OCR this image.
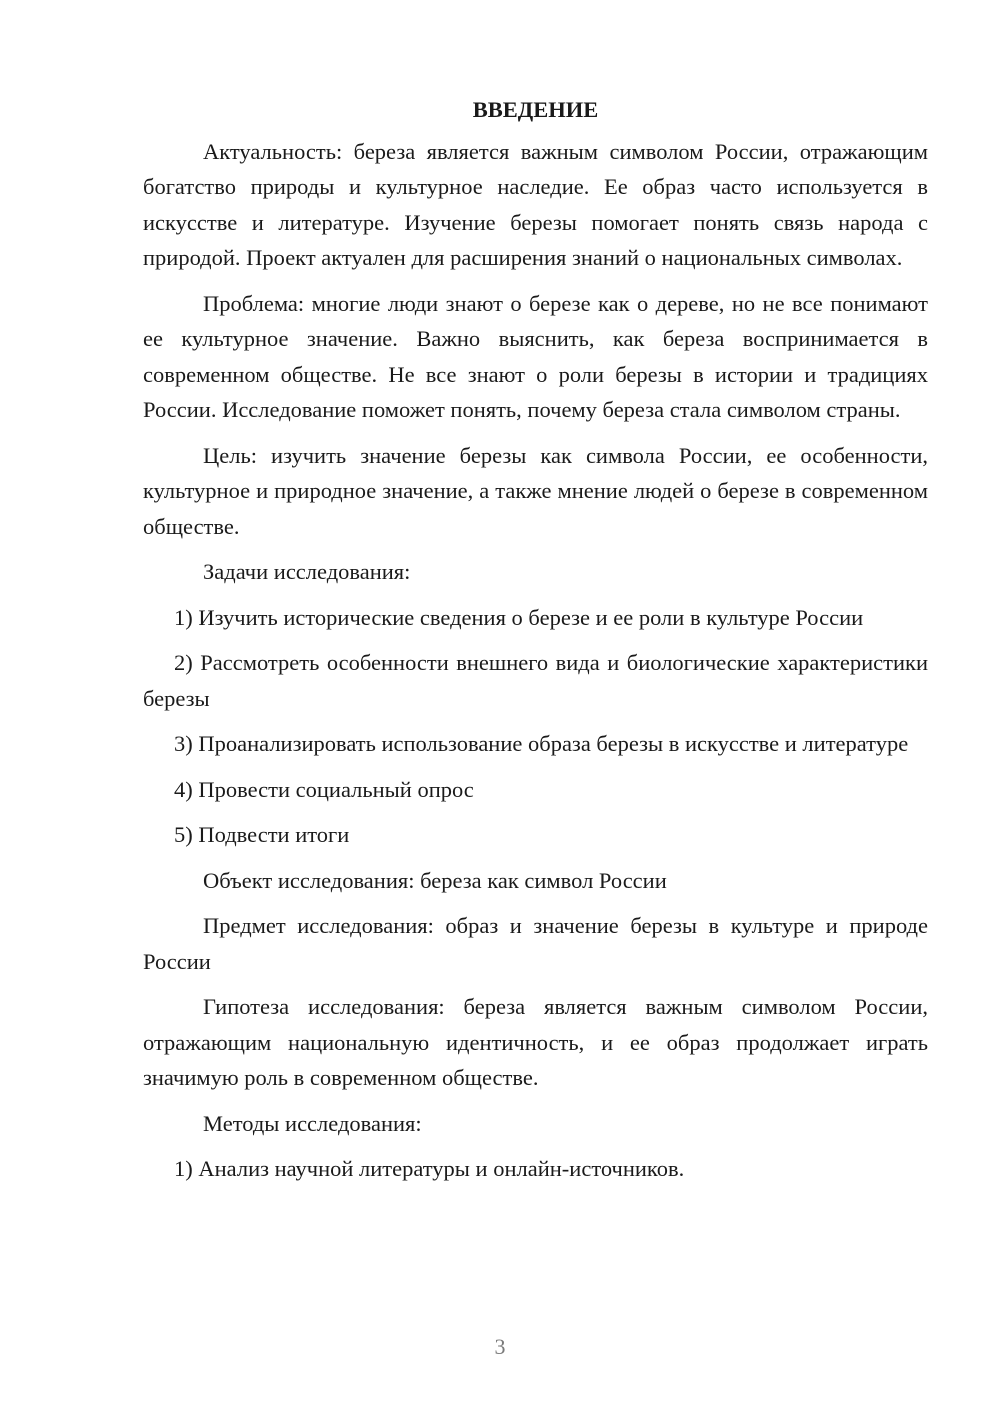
ВВЕДЕНИЕ

Актуальность: береза является важным символом России, отражающим богатство природы и культурное наследие. Ее образ часто используется в искусстве и литературе. Изучение березы помогает понять связь народа с природой. Проект актуален для расширения знаний о национальных символах.

Проблема: многие люди знают о березе как о дереве, но не все понимают ее культурное значение. Важно выяснить, как береза воспринимается в современном обществе. Не все знают о роли березы в истории и традициях России. Исследование поможет понять, почему береза стала символом страны.

Цель: изучить значение березы как символа России, ее особенности, культурное и природное значение, а также мнение людей о березе в современном обществе.

Задачи исследования:

1) Изучить исторические сведения о березе и ее роли в культуре России

2) Рассмотреть особенности внешнего вида и биологические характеристики березы

3) Проанализировать использование образа березы в искусстве и литературе

4) Провести социальный опрос

5) Подвести итоги

Объект исследования: береза как символ России

Предмет исследования: образ и значение березы в культуре и природе России

Гипотеза исследования: береза является важным символом России, отражающим национальную идентичность, и ее образ продолжает играть значимую роль в современном обществе.

Методы исследования:

1) Анализ научной литературы и онлайн-источников.

3
